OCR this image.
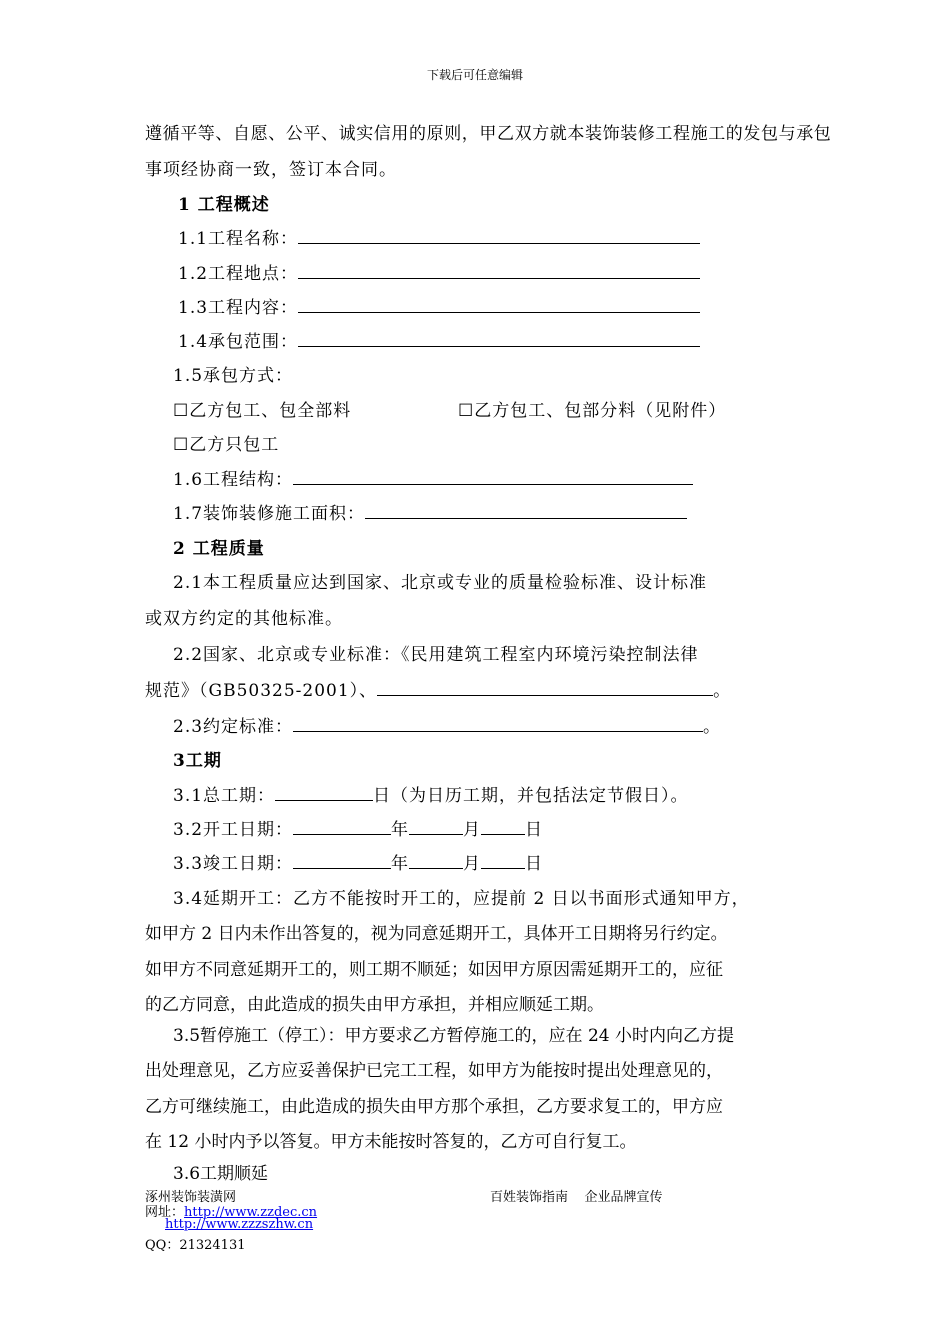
下载后可任意编辑
遵循平等、自愿、公平、诚实信用的原则，甲乙双方就本装饰装修工程施工的发包与承包
事项经协商一致，签订本合同。
1 工程概述
1.1工程名称：
1.2工程地点：
1.3工程内容：
1.4承包范围：
1.5承包方式：
☐乙方包工、包全部料	☐乙方包工、包部分料（见附件）
☐乙方只包工
1.6工程结构：
1.7装饰装修施工面积：
2 工程质量
2.1本工程质量应达到国家、北京或专业的质量检验标准、设计标准
或双方约定的其他标准。
2.2国家、北京或专业标准：《民用建筑工程室内环境污染控制法律
规范》（GB50325-2001）、	。
2.3约定标准：	。
3工期
3.1总工期：	日（为日历工期，并包括法定节假日）。
3.2开工日期：	年	月	日
3.3竣工日期：	年	月	日
3.4延期开工：乙方不能按时开工的，应提前 2 日以书面形式通知甲方，
如甲方 2 日内未作出答复的，视为同意延期开工，具体开工日期将另行约定。
如甲方不同意延期开工的，则工期不顺延；如因甲方原因需延期开工的，应征
的乙方同意，由此造成的损失由甲方承担，并相应顺延工期。
3.5暂停施工（停工）：甲方要求乙方暂停施工的，应在 24 小时内向乙方提
出处理意见，乙方应妥善保护已完工工程，如甲方为能按时提出处理意见的，
乙方可继续施工，由此造成的损失由甲方那个承担，乙方要求复工的，甲方应
在 12 小时内予以答复。甲方未能按时答复的，乙方可自行复工。
3.6工期顺延
涿州装饰装潢网	百姓装饰指南    企业品牌宣传
网址：http://www.zzdec.cn
http://www.zzzszhw.cn
QQ：21324131
